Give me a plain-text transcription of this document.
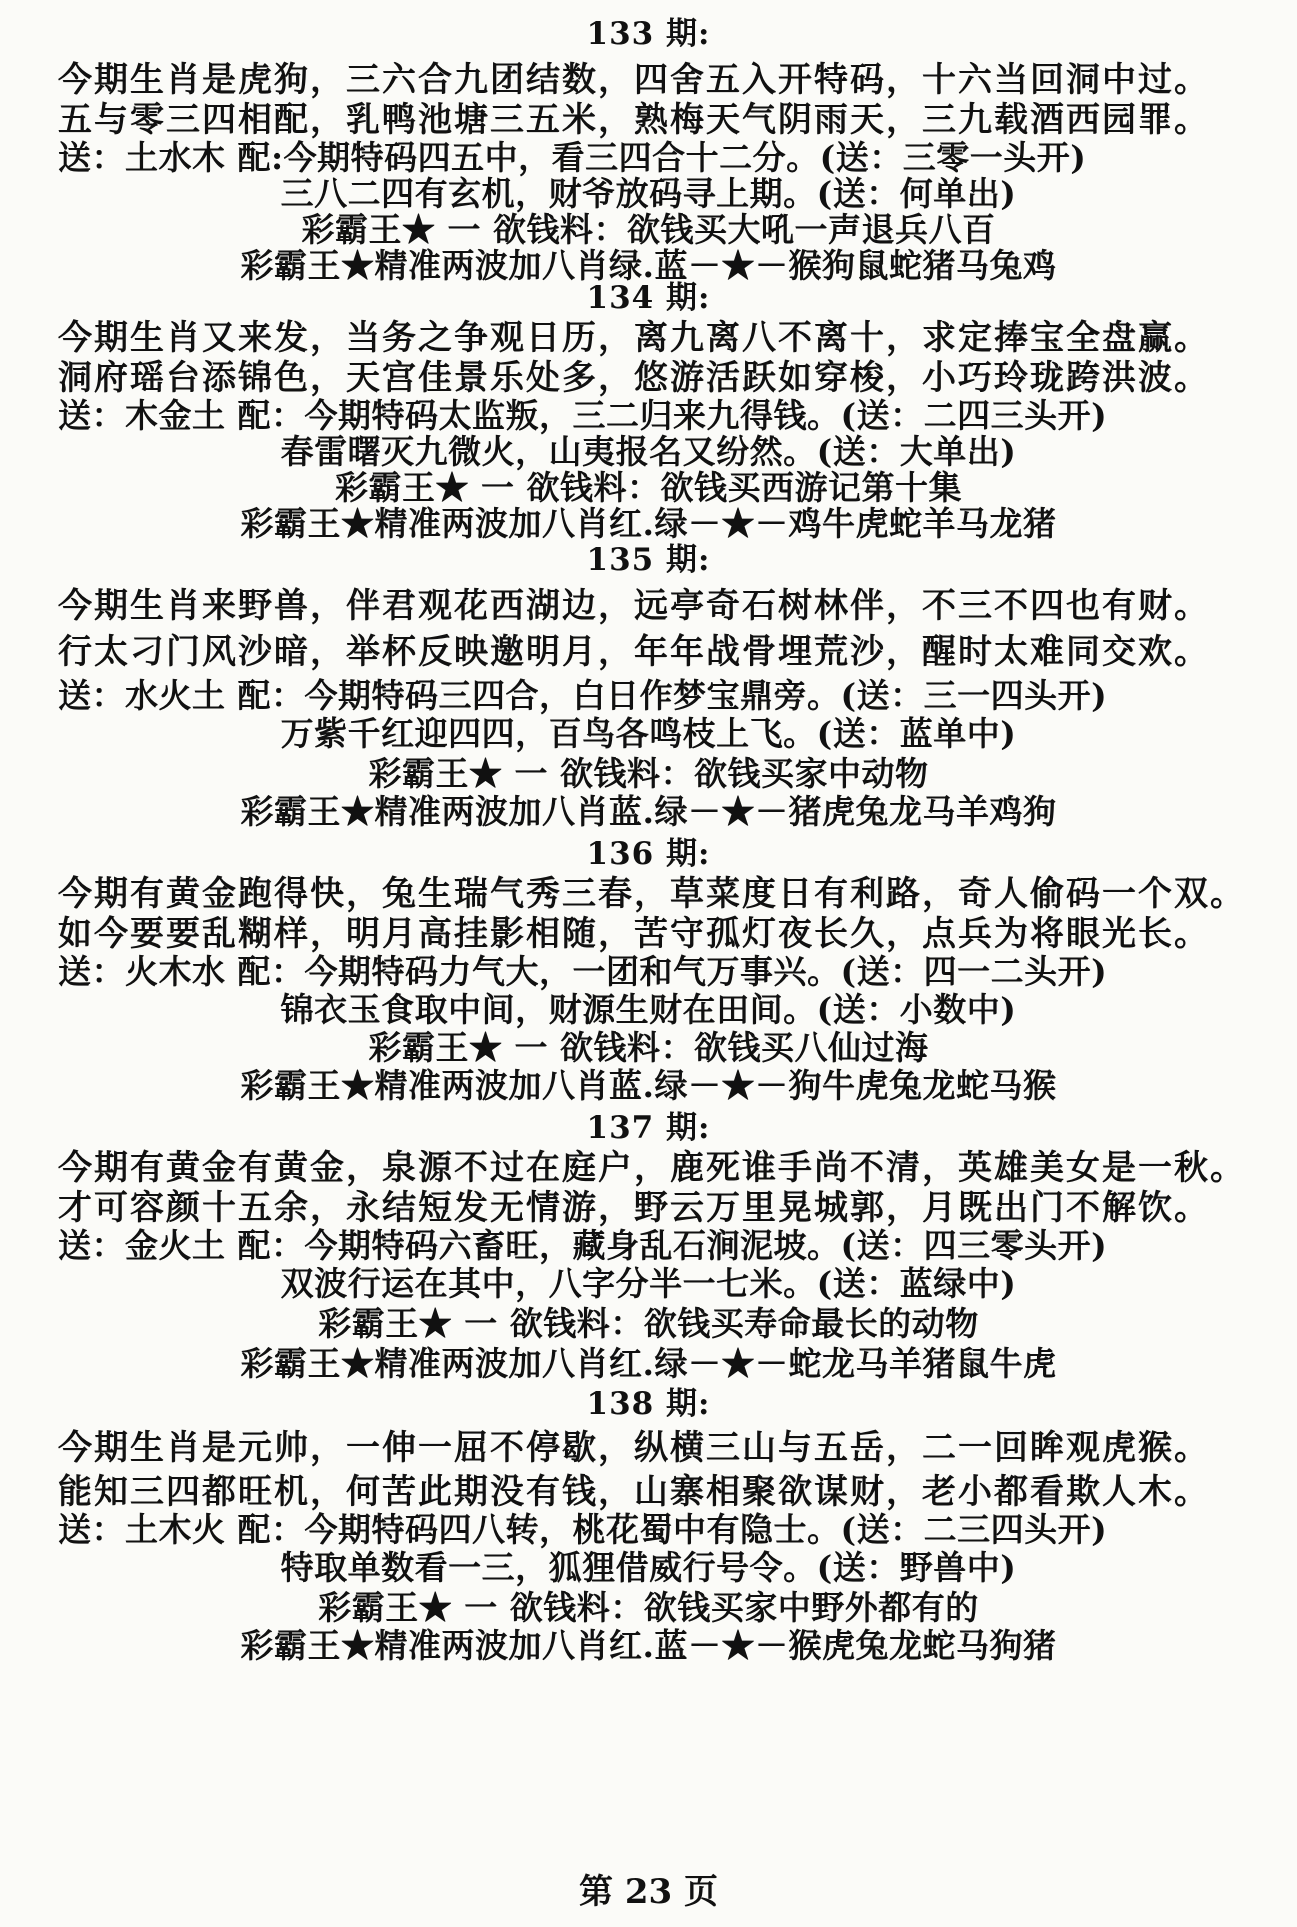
133 期:
今期生肖是虎狗，三六合九团结数，四舍五入开特码，十六当回洞中过。
五与零三四相配，乳鸭池塘三五米，熟梅天气阴雨天，三九载酒西园罪。
送：土水木 配:今期特码四五中，看三四合十二分。(送：三零一头开)
三八二四有玄机，财爷放码寻上期。(送：何单出)
彩霸王★ 一 欲钱料：欲钱买大吼一声退兵八百
彩霸王★精准两波加八肖绿.蓝－★－猴狗鼠蛇猪马兔鸡
134 期:
今期生肖又来发，当务之争观日历，离九离八不离十，求定捧宝全盘赢。
洞府瑶台添锦色，天宫佳景乐处多，悠游活跃如穿梭，小巧玲珑跨洪波。
送：木金土 配：今期特码太监叛，三二归来九得钱。(送：二四三头开)
春雷曙灭九微火，山夷报名又纷然。(送：大单出)
彩霸王★ 一 欲钱料：欲钱买西游记第十集
彩霸王★精准两波加八肖红.绿－★－鸡牛虎蛇羊马龙猪
135 期:
今期生肖来野兽，伴君观花西湖边，远亭奇石树林伴，不三不四也有财。
行太刁门风沙暗，举杯反映邀明月，年年战骨埋荒沙，醒时太难同交欢。
送：水火土 配：今期特码三四合，白日作梦宝鼎旁。(送：三一四头开)
万紫千红迎四四，百鸟各鸣枝上飞。(送：蓝单中)
彩霸王★ 一 欲钱料：欲钱买家中动物
彩霸王★精准两波加八肖蓝.绿－★－猪虎兔龙马羊鸡狗
136 期:
今期有黄金跑得快，兔生瑞气秀三春，草菜度日有利路，奇人偷码一个双。
如今要要乱糊样，明月高挂影相随，苦守孤灯夜长久，点兵为将眼光长。
送：火木水 配：今期特码力气大，一团和气万事兴。(送：四一二头开)
锦衣玉食取中间，财源生财在田间。(送：小数中)
彩霸王★ 一 欲钱料：欲钱买八仙过海
彩霸王★精准两波加八肖蓝.绿－★－狗牛虎兔龙蛇马猴
137 期:
今期有黄金有黄金，泉源不过在庭户，鹿死谁手尚不清，英雄美女是一秋。
才可容颜十五余，永结短发无情游，野云万里晃城郭，月既出门不解饮。
送：金火土 配：今期特码六畜旺，藏身乱石涧泥坡。(送：四三零头开)
双波行运在其中，八字分半一七米。(送：蓝绿中)
彩霸王★ 一 欲钱料：欲钱买寿命最长的动物
彩霸王★精准两波加八肖红.绿－★－蛇龙马羊猪鼠牛虎
138 期:
今期生肖是元帅，一伸一屈不停歇，纵横三山与五岳，二一回眸观虎猴。
能知三四都旺机，何苦此期没有钱，山寨相聚欲谋财，老小都看欺人木。
送：土木火 配：今期特码四八转，桃花蜀中有隐士。(送：二三四头开)
特取单数看一三，狐狸借威行号令。(送：野兽中)
彩霸王★ 一 欲钱料：欲钱买家中野外都有的
彩霸王★精准两波加八肖红.蓝－★－猴虎兔龙蛇马狗猪
第 23 页
